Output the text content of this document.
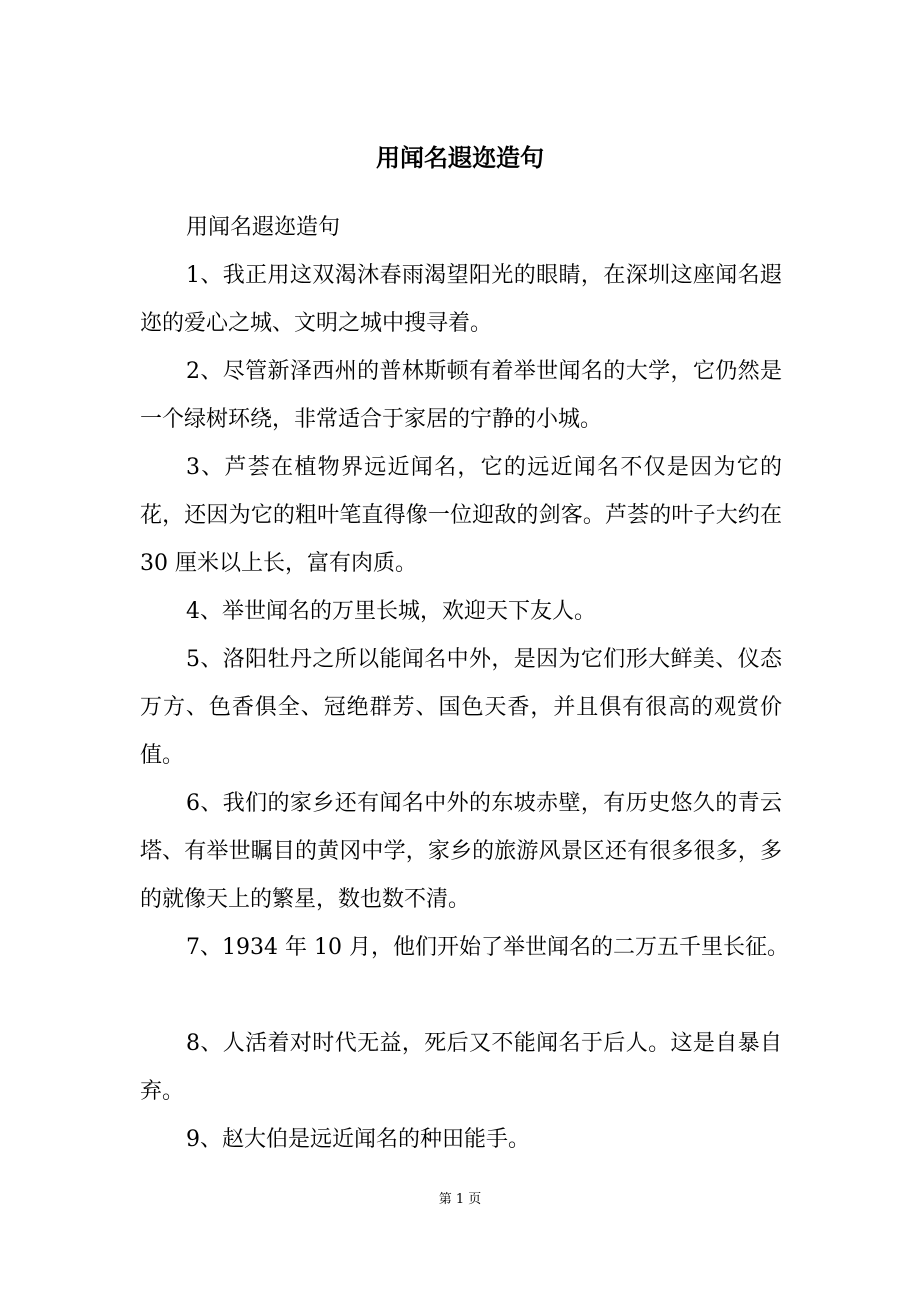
用闻名遐迩造句

用闻名遐迩造句

1、我正用这双渴沐春雨渴望阳光的眼睛，在深圳这座闻名遐迩的爱心之城、文明之城中搜寻着。

2、尽管新泽西州的普林斯顿有着举世闻名的大学，它仍然是一个绿树环绕，非常适合于家居的宁静的小城。

3、芦荟在植物界远近闻名，它的远近闻名不仅是因为它的花，还因为它的粗叶笔直得像一位迎敌的剑客。芦荟的叶子大约在 30 厘米以上长，富有肉质。

4、举世闻名的万里长城，欢迎天下友人。

5、洛阳牡丹之所以能闻名中外，是因为它们形大鲜美、仪态万方、色香俱全、冠绝群芳、国色天香，并且俱有很高的观赏价值。

6、我们的家乡还有闻名中外的东坡赤壁，有历史悠久的青云塔、有举世瞩目的黄冈中学，家乡的旅游风景区还有很多很多，多的就像天上的繁星，数也数不清。

7、1934 年 10 月，他们开始了举世闻名的二万五千里长征。

8、人活着对时代无益，死后又不能闻名于后人。这是自暴自弃。

9、赵大伯是远近闻名的种田能手。

第 1 页
